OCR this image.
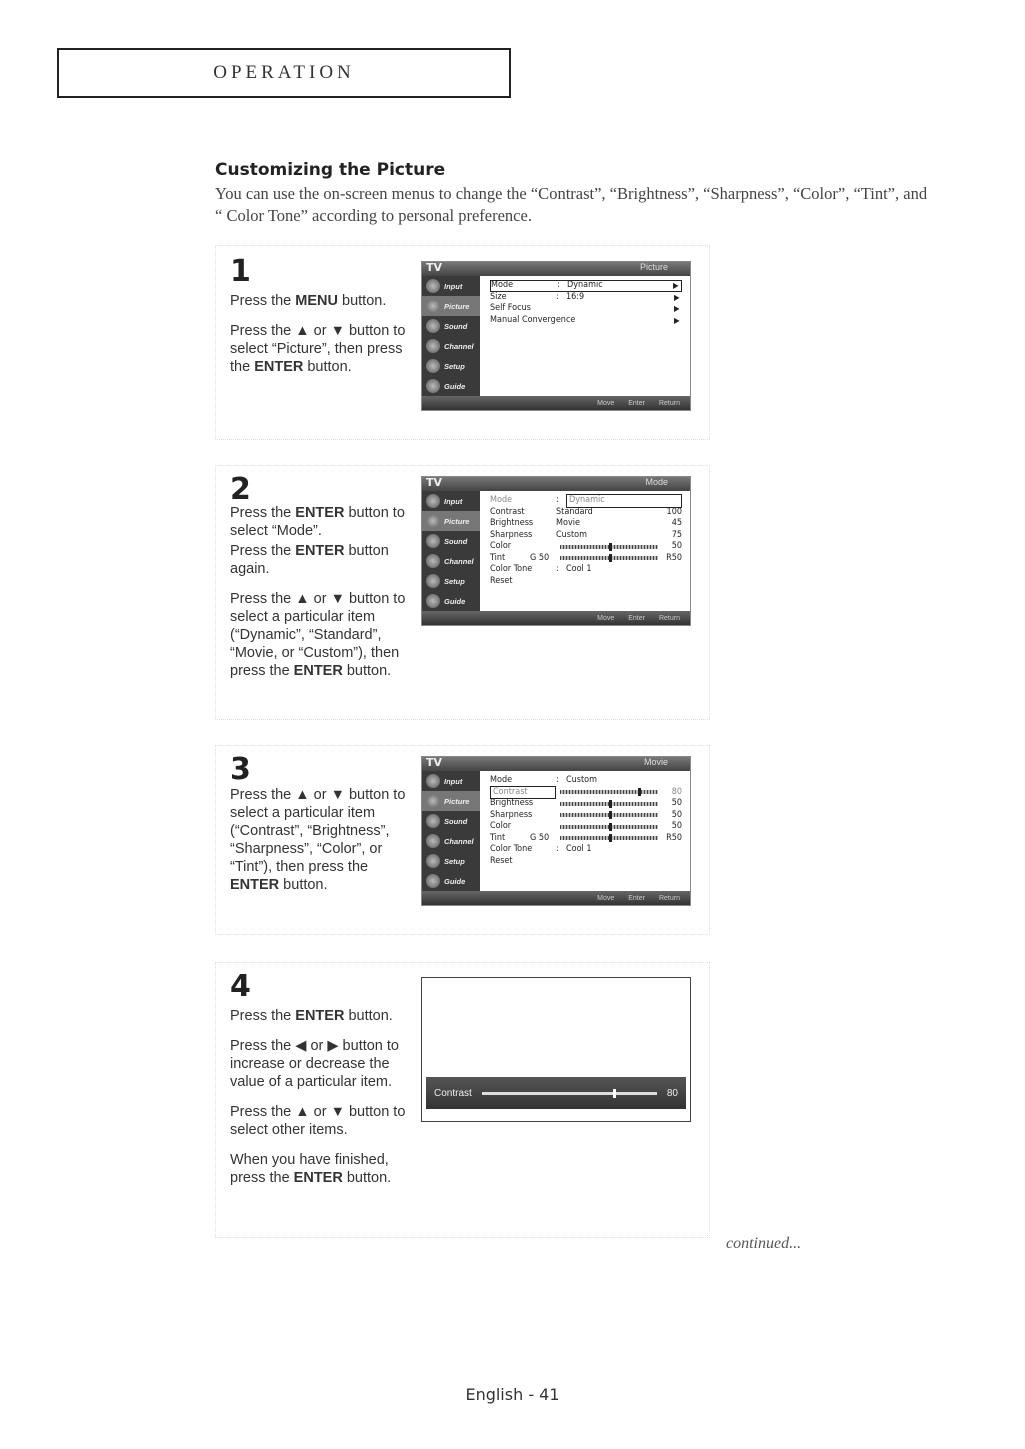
OPERATION
Customizing the Picture
You can use the on-screen menus to change the “Contrast”, “Brightness”, “Sharpness”, “Color”, “Tint”, and “ Color Tone” according to personal preference.
1

Press the MENU button.

Press the ▲ or ▼ button to select “Picture”, then press the ENTER button.

TV	Picture
Input
Picture
Sound
Channel
Setup
Guide
Mode	: Dynamic	▶
Size	: 16:9	▶
Self Focus	▶
Manual Convergence	▶
Move Enter Return
2

Press the ENTER button to select “Mode”.

Press the ENTER button again.

Press the ▲ or ▼ button to select a particular item (“Dynamic”, “Standard”, “Movie, or “Custom”), then press the ENTER button.

TV	Mode
Input
Picture
Sound
Channel
Setup
Guide
Mode	:	Dynamic
Contrast	Standard	100
Brightness	Movie	45
Sharpness	Custom	75
Color	50
Tint	G 50	R50
Color Tone	: Cool 1
Reset
Move Enter Return
3

Press the ▲ or ▼ button to select a particular item (“Contrast”, “Brightness”, “Sharpness”, “Color”, or “Tint”), then press the ENTER button.

TV	Movie
Input
Picture
Sound
Channel
Setup
Guide
Mode	: Custom
Contrast	80
Brightness	50
Sharpness	50
Color	50
Tint	G 50	R50
Color Tone	: Cool 1
Reset
Move Enter Return
4

Press the ENTER button.

Press the ◀ or ▶ button to increase or decrease the value of a particular item.

Press the ▲ or ▼ button to select other items.

When you have finished, press the ENTER button.

Contrast	80
continued...
English - 41
